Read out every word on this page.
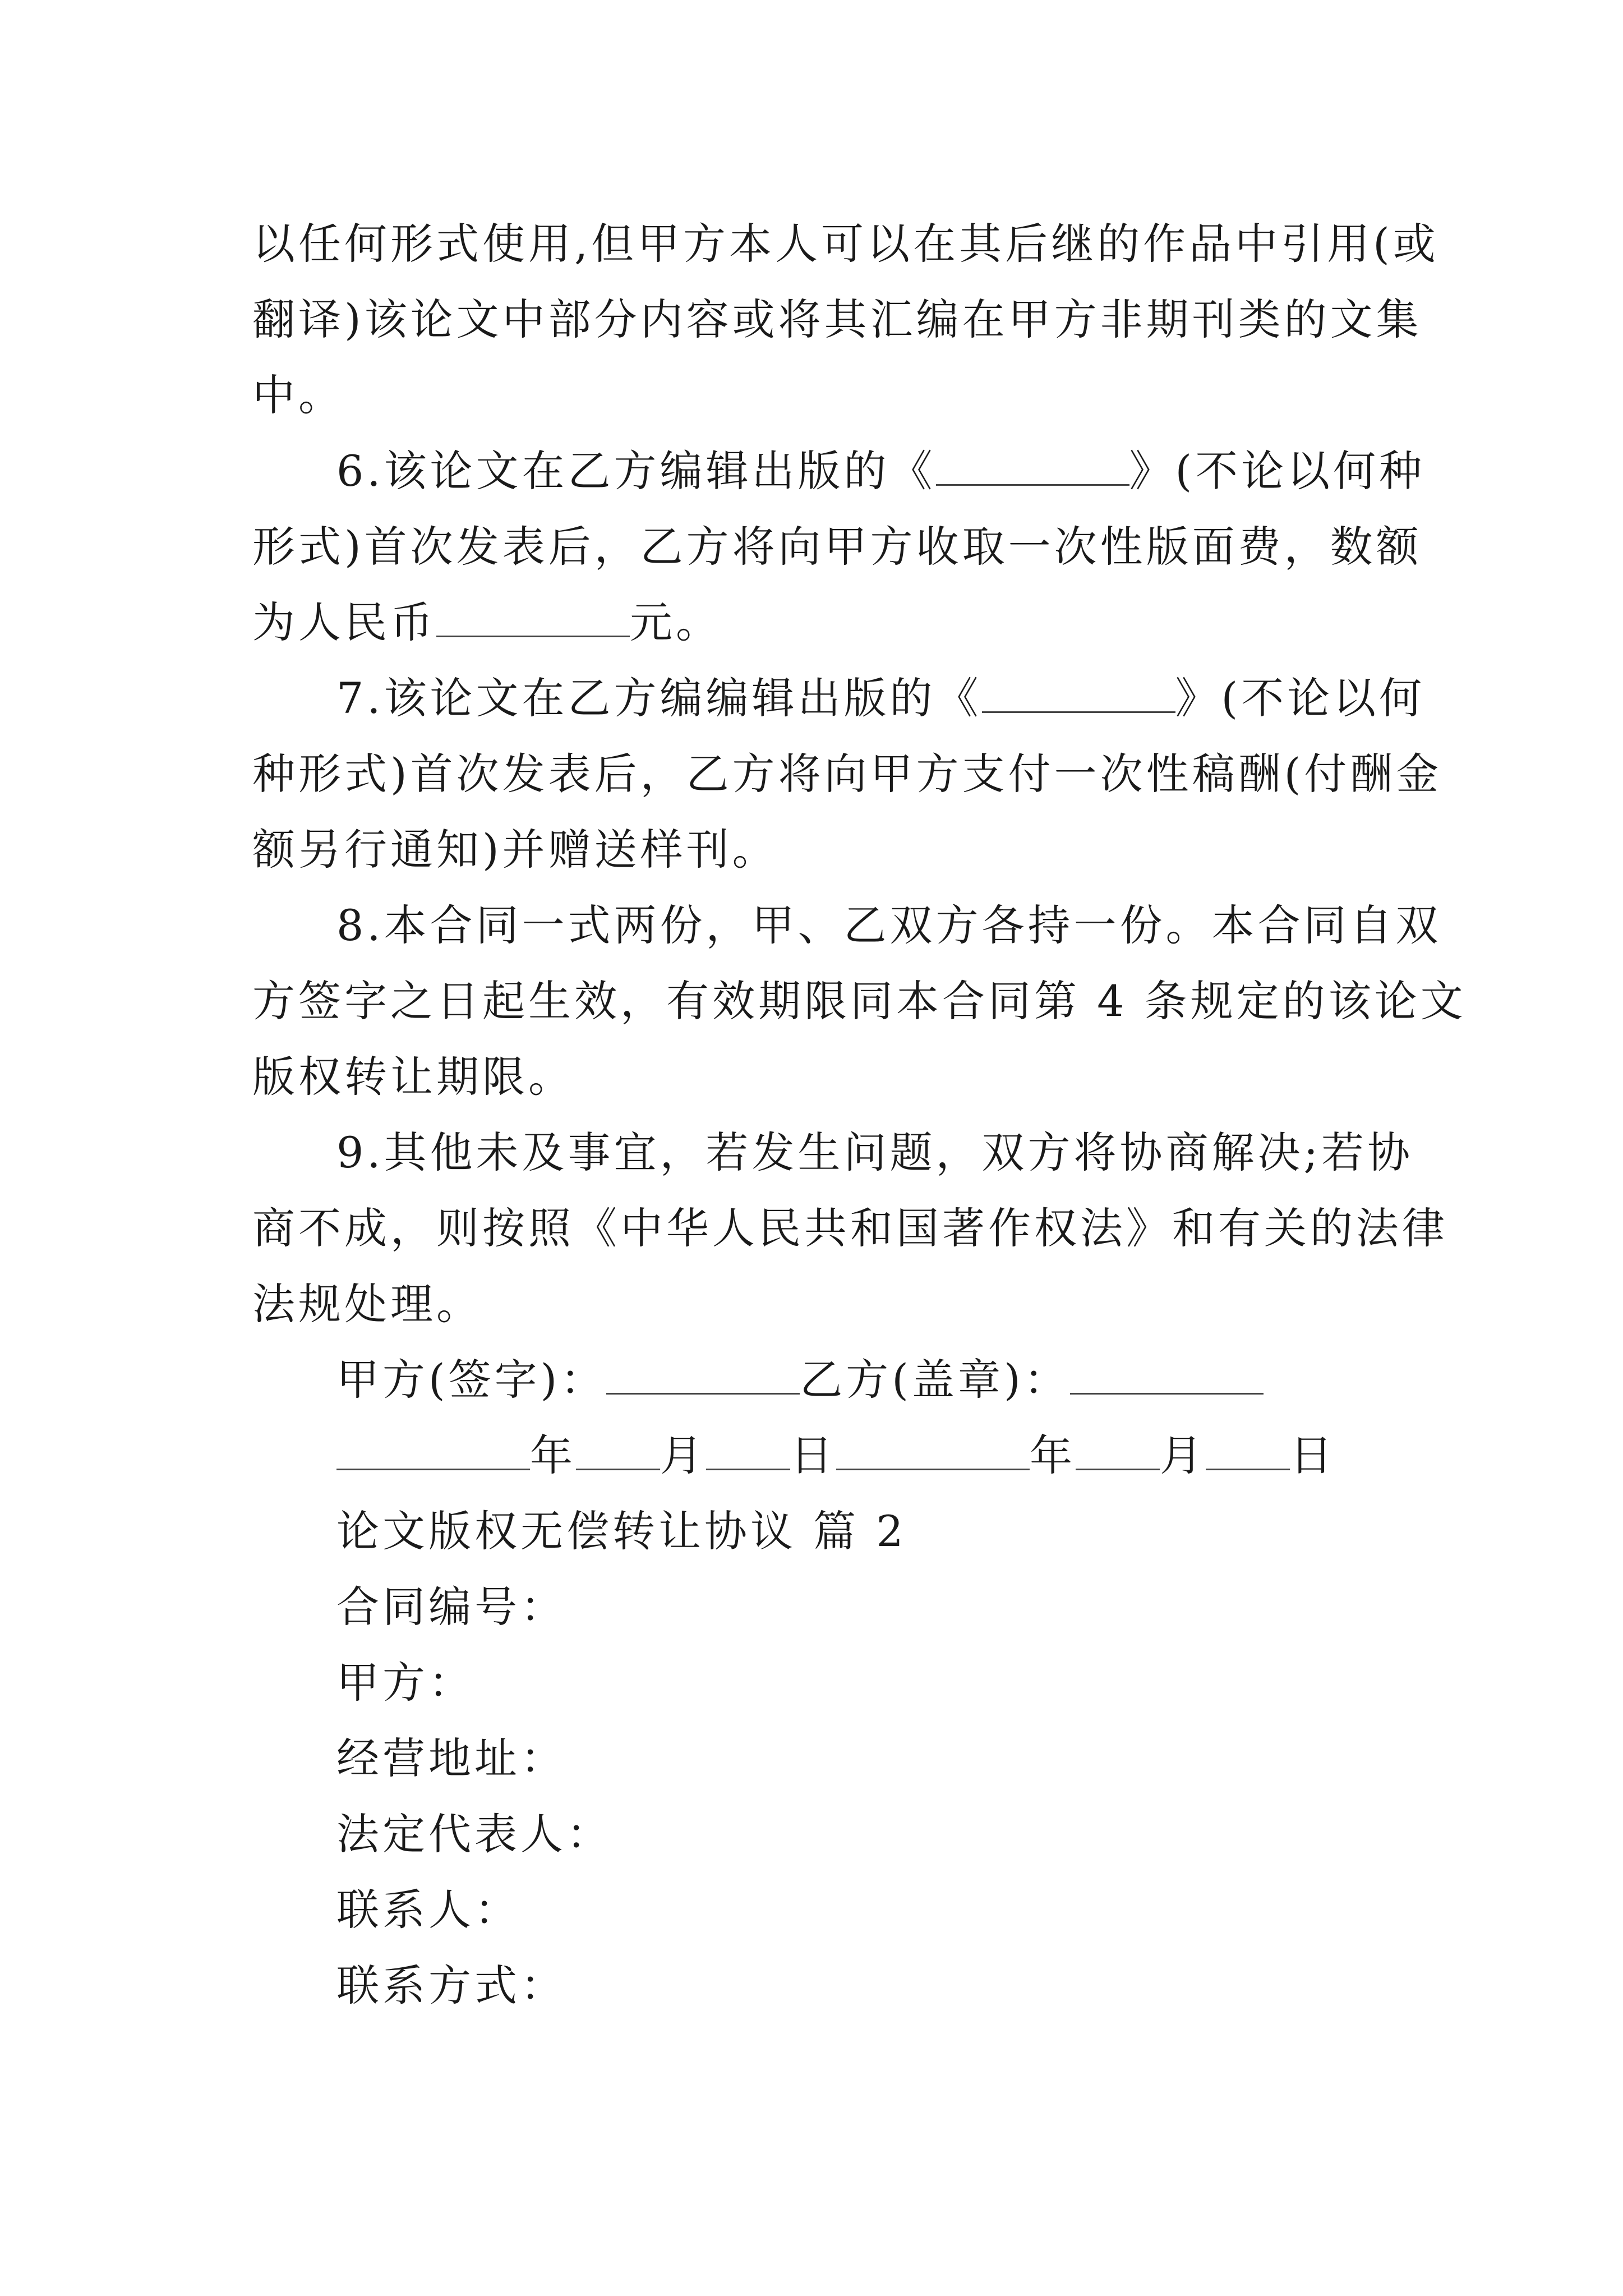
以任何形式使用,但甲方本人可以在其后继的作品中引用(或
翻译)该论文中部分内容或将其汇编在甲方非期刊类的文集
中。
6.该论文在乙方编辑出版的《	》(不论以何种
形式)首次发表后，乙方将向甲方收取一次性版面费，数额
为人民币	元。
7.该论文在乙方编编辑出版的《	》(不论以何
种形式)首次发表后，乙方将向甲方支付一次性稿酬(付酬金
额另行通知)并赠送样刊。
8.本合同一式两份，甲、乙双方各持一份。本合同自双
方签字之日起生效，有效期限同本合同第 4 条规定的该论文
版权转让期限。
9.其他未及事宜，若发生问题，双方将协商解决;若协
商不成，则按照《中华人民共和国著作权法》和有关的法律
法规处理。
甲方(签字)：	乙方(盖章)：
年 月 日	年 月 日
论文版权无偿转让协议 篇 2
合同编号：
甲方：
经营地址：
法定代表人：
联系人：
联系方式：
